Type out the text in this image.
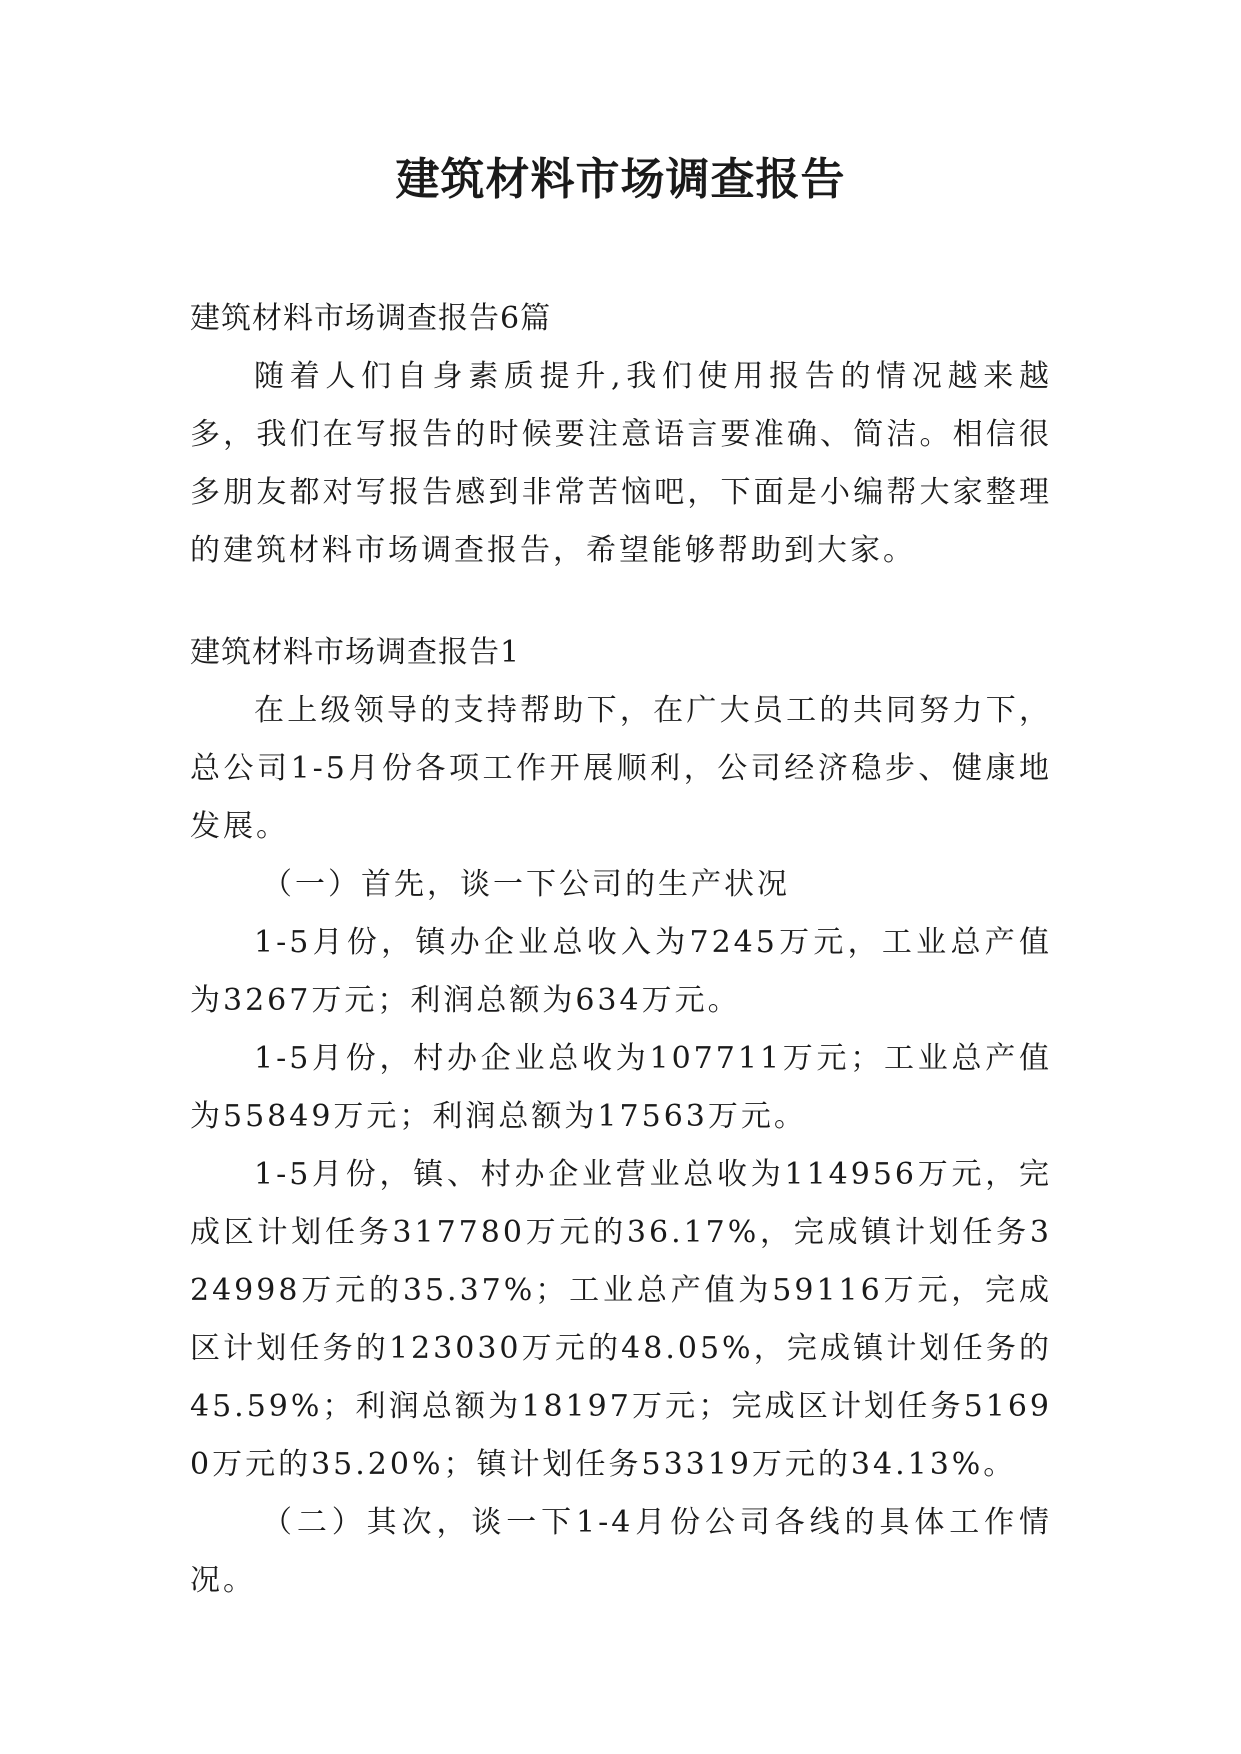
建筑材料市场调查报告

建筑材料市场调查报告6篇

随着人们自身素质提升,我们使用报告的情况越来越多，我们在写报告的时候要注意语言要准确、简洁。相信很多朋友都对写报告感到非常苦恼吧，下面是小编帮大家整理的建筑材料市场调查报告，希望能够帮助到大家。

建筑材料市场调查报告1

在上级领导的支持帮助下，在广大员工的共同努力下，总公司1-5月份各项工作开展顺利，公司经济稳步、健康地发展。

（一）首先，谈一下公司的生产状况

1-5月份，镇办企业总收入为7245万元，工业总产值为3267万元；利润总额为634万元。

1-5月份，村办企业总收为107711万元；工业总产值为55849万元；利润总额为17563万元。

1-5月份，镇、村办企业营业总收为114956万元，完成区计划任务317780万元的36.17%，完成镇计划任务324998万元的35.37%；工业总产值为59116万元，完成区计划任务的123030万元的48.05%，完成镇计划任务的45.59%；利润总额为18197万元；完成区计划任务51690万元的35.20%；镇计划任务53319万元的34.13%。

（二）其次，谈一下1-4月份公司各线的具体工作情况。
